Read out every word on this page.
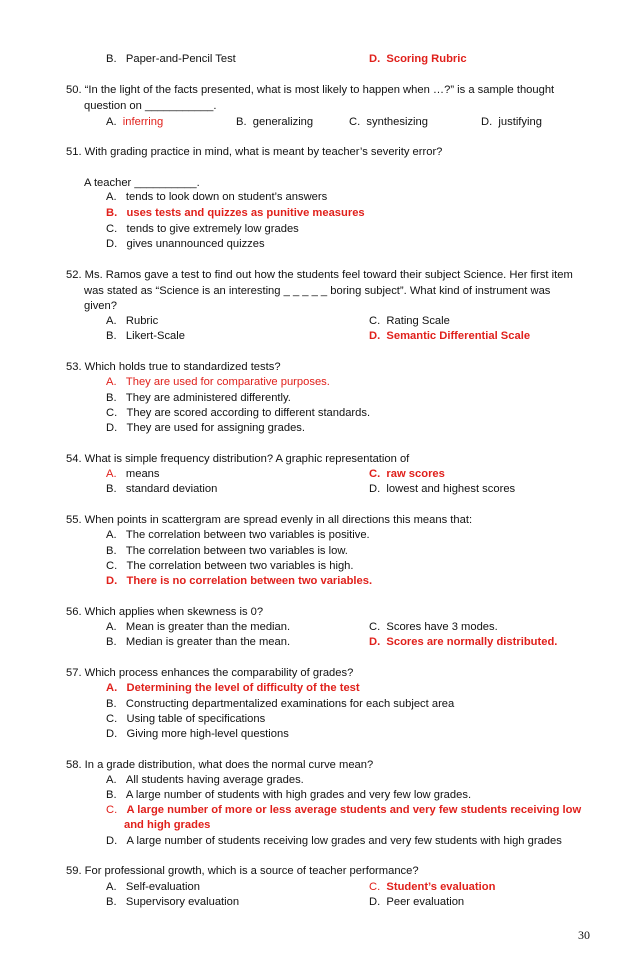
B.   Paper-and-Pencil Test	D.  Scoring Rubric
50. “In the light of the facts presented, what is most likely to happen when …?” is a sample thought
question on ___________.
A.  inferring	B.  generalizing	C.  synthesizing	D.  justifying
51. With grading practice in mind, what is meant by teacher’s severity error?
A teacher __________.
A.   tends to look down on student’s answers
B.   uses tests and quizzes as punitive measures
C.   tends to give extremely low grades
D.   gives unannounced quizzes
52. Ms. Ramos gave a test to find out how the students feel toward their subject Science. Her first item
was stated as “Science is an interesting _ _ _ _ _ boring subject”. What kind of instrument was
given?
A.   Rubric
B.   Likert-Scale
C.  Rating Scale
D.  Semantic Differential Scale
53. Which holds true to standardized tests?
A.   They are used for comparative purposes.
B.   They are administered differently.
C.   They are scored according to different standards.
D.   They are used for assigning grades.
54. What is simple frequency distribution? A graphic representation of
A. means
B.   standard deviation
C.  raw scores
D.  lowest and highest scores
55. When points in scattergram are spread evenly in all directions this means that:
A.   The correlation between two variables is positive.
B.   The correlation between two variables is low.
C.   The correlation between two variables is high.
D.   There is no correlation between two variables.
56. Which applies when skewness is 0?
A.   Mean is greater than the median.
B.   Median is greater than the mean.
C.  Scores have 3 modes.
D.  Scores are normally distributed.
57. Which process enhances the comparability of grades?
A.   Determining the level of difficulty of the test
B.   Constructing departmentalized examinations for each subject area
C.   Using table of specifications
D.   Giving more high-level questions
58. In a grade distribution, what does the normal curve mean?
A.   All students having average grades.
B.   A large number of students with high grades and very few low grades.
C.   A large number of more or less average students and very few students receiving low
and high grades
D.   A large number of students receiving low grades and very few students with high grades
59. For professional growth, which is a source of teacher performance?
A.   Self-evaluation
B.   Supervisory evaluation
C. Student’s evaluation
D.  Peer evaluation
30
